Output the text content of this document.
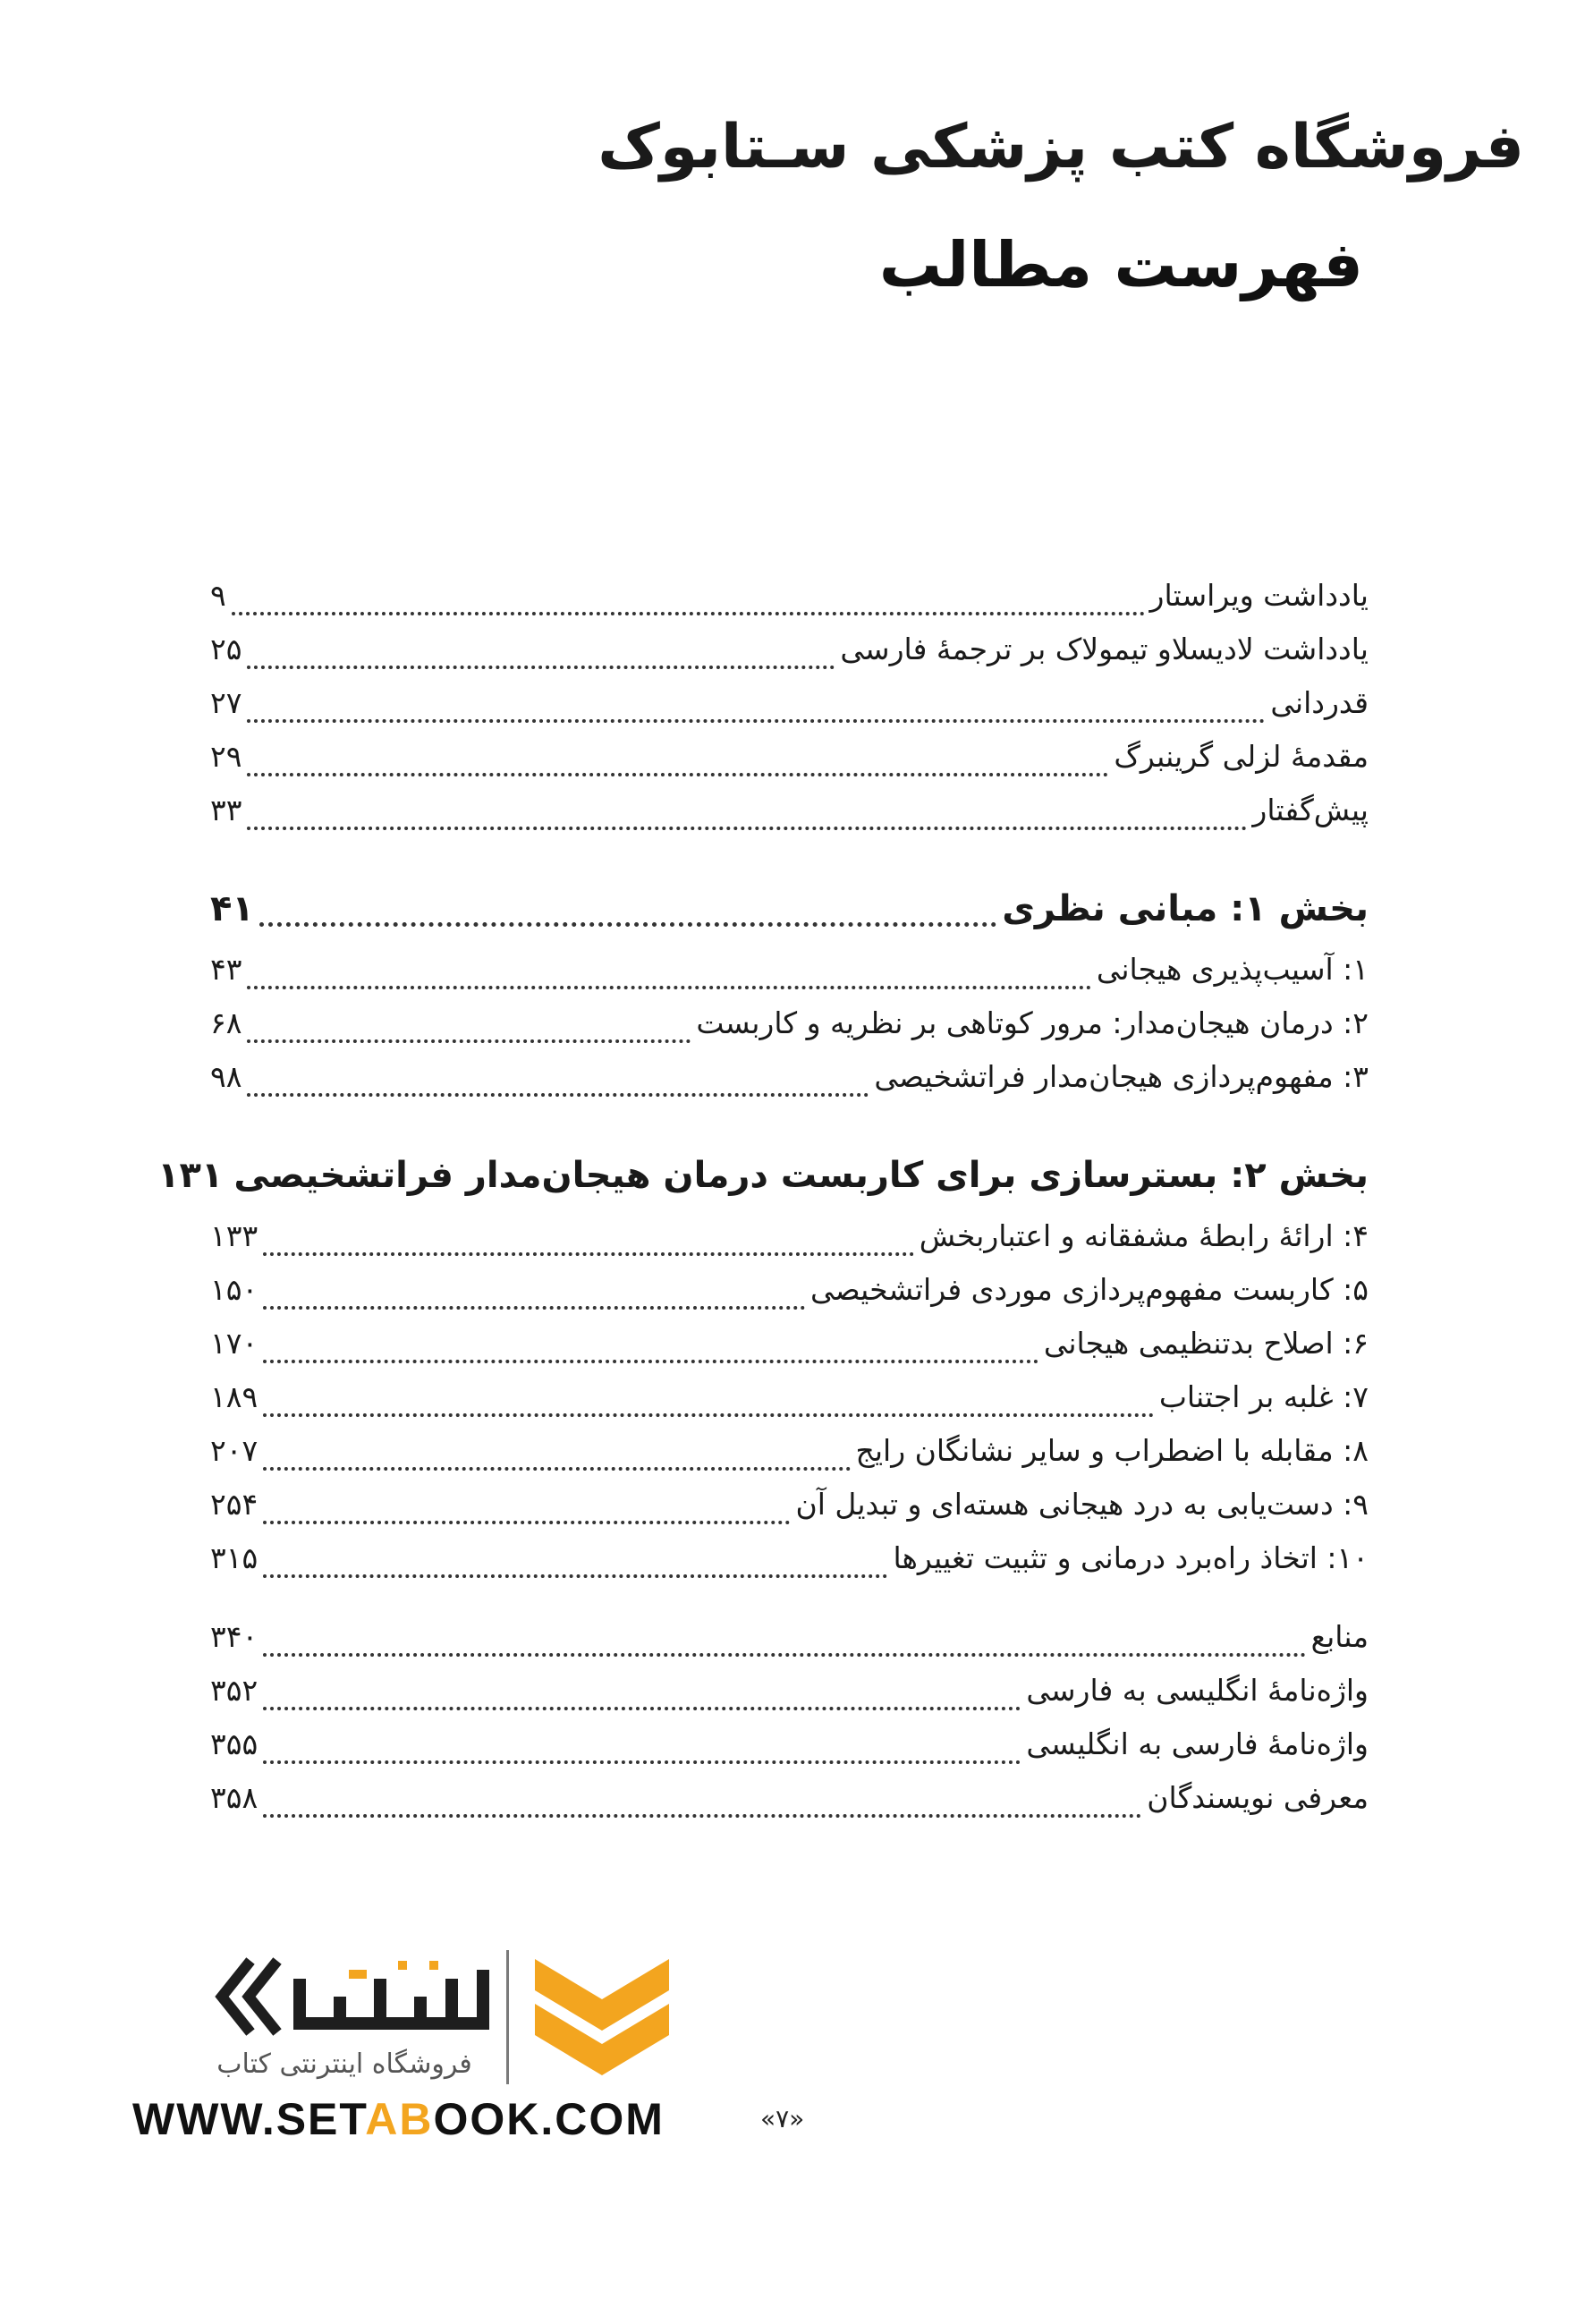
فروشگاه کتب پزشکی سـتابوک
فهرست مطالب
یادداشت ویراستار
۹
یادداشت لادیسلاو تیمولاک بر ترجمهٔ فارسی
۲۵
قدردانی
۲۷
مقدمهٔ لزلی گرینبرگ
۲۹
پیش‌گفتار
۳۳
بخش ۱: مبانی نظری
۴۱
۱: آسیب‌پذیری هیجانی
۴۳
۲: درمان هیجان‌مدار: مرور کوتاهی بر نظریه و کاربست
۶۸
۳: مفهوم‌پردازی هیجان‌مدار فراتشخیصی
۹۸
بخش ۲: بسترسازی برای کاربست درمان هیجان‌مدار فراتشخیصی
۱۳۱
۴: ارائهٔ رابطهٔ مشفقانه و اعتباربخش
۱۳۳
۵: کاربست مفهوم‌پردازی موردی فراتشخیصی
۱۵۰
۶: اصلاح بدتنظیمی هیجانی
۱۷۰
۷: غلبه بر اجتناب
۱۸۹
۸: مقابله با اضطراب و سایر نشانگان رایج
۲۰۷
۹: دست‌یابی به درد هیجانی هسته‌ای و تبدیل آن
۲۵۴
۱۰: اتخاذ راه‌برد درمانی و تثبیت تغییرها
۳۱۵
منابع
۳۴۰
واژه‌نامهٔ انگلیسی به فارسی
۳۵۲
واژه‌نامهٔ فارسی به انگلیسی
۳۵۵
معرفی نویسندگان
۳۵۸
فروشگاه اینترنتی کتاب
WWW.SETABOOK.COM	«۷»
